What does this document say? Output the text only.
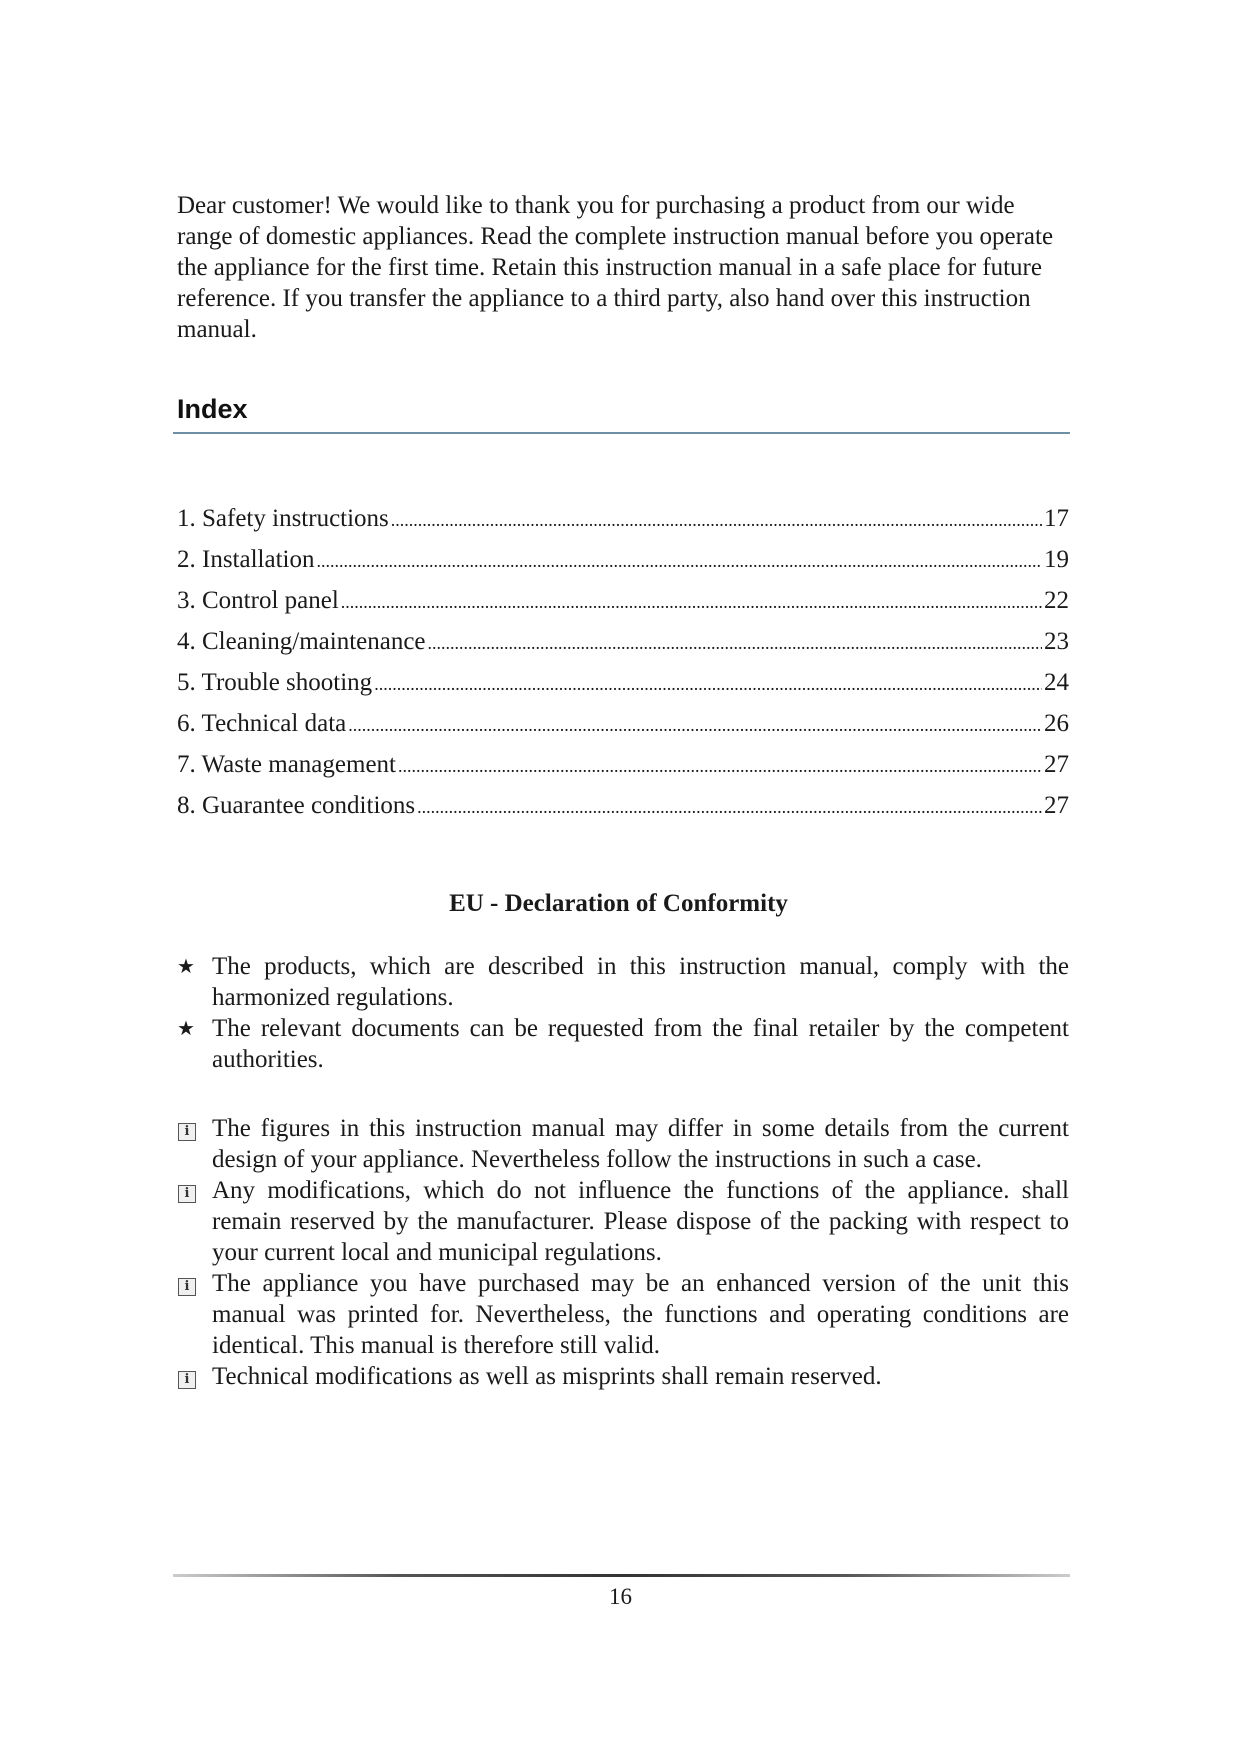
Dear customer! We would like to thank you for purchasing a product from our wide range of domestic appliances. Read the complete instruction manual before you operate the appliance for the first time. Retain this instruction manual in a safe place for future reference. If you transfer the appliance to a third party, also hand over this instruction manual.

Index
1. Safety instructions .....	17
2. Installation .....	19
3. Control panel .....	22
4. Cleaning/maintenance .....	23
5. Trouble shooting .....	24
6. Technical data .....	26
7. Waste management .....	27
8. Guarantee conditions .....	27
EU - Declaration of Conformity
★ The products, which are described in this instruction manual, comply with the harmonized regulations.
★ The relevant documents can be requested from the final retailer by the competent authorities.
i The figures in this instruction manual may differ in some details from the current design of your appliance. Nevertheless follow the instructions in such a case.
i Any modifications, which do not influence the functions of the appliance. shall remain reserved by the manufacturer. Please dispose of the packing with respect to your current local and municipal regulations.
i The appliance you have purchased may be an enhanced version of the unit this manual was printed for. Nevertheless, the functions and operating conditions are identical. This manual is therefore still valid.
i Technical modifications as well as misprints shall remain reserved.

16
